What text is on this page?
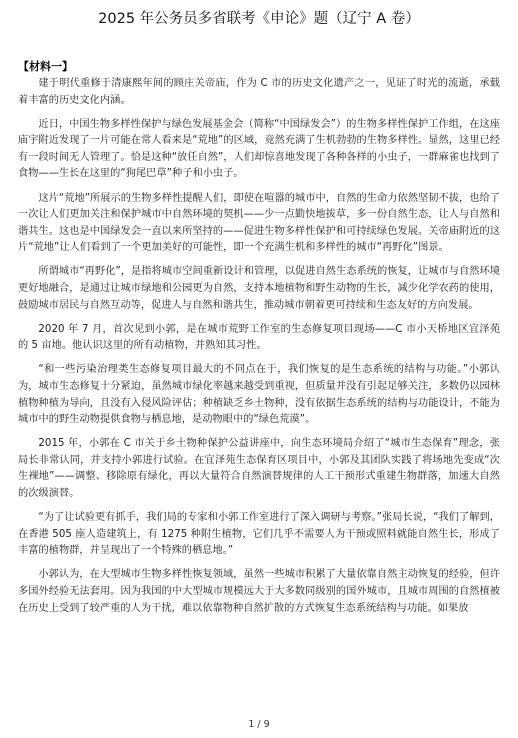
2025 年公务员多省联考《申论》题（辽宁 A 卷）
【材料一】

建于明代重修于清康熙年间的顾庄关帝庙，作为 C 市的历史文化遗产之一，见证了时光的流逝，承载着丰富的历史文化内涵。

近日，中国生物多样性保护与绿色发展基金会（简称“中国绿发会”）的生物多样性保护工作组，在这座庙宇附近发现了一片可能在常人看来是“荒地”的区域，竟然充满了生机勃勃的生物多样性。显然，这里已经有一段时间无人管理了。恰是这种“放任自然”，人们却惊喜地发现了各种各样的小虫子，一群麻雀也找到了食物——生长在这里的“狗尾巴草”种子和小虫子。

这片“荒地”所展示的生物多样性提醒人们，即使在喧嚣的城市中，自然的生命力依然坚韧不拔，也给了一次让人们更加关注和保护城市中自然环境的契机——少一点勤快地拔草，多一份自然生态，让人与自然和谐共生。这也是中国绿发会一直以来所坚持的——促进生物多样性保护和可持续绿色发展。关帝庙附近的这片“荒地”让人们看到了一个更加美好的可能性，即一个充满生机和多样性的城市“再野化”图景。

所谓城市“再野化”，是指将城市空间重新设计和管理，以促进自然生态系统的恢复，让城市与自然环境更好地融合，是通过让城市绿地和公园更为自然，支持本地植物和野生动物的生长，减少化学农药的使用，鼓励城市居民与自然互动等，促进人与自然和谐共生，推动城市朝着更可持续和生态友好的方向发展。

2020 年 7 月，首次见到小郭，是在城市荒野工作室的生态修复项目现场——C 市小天桥地区宜泽苑的 5 亩地。他认识这里的所有动植物，并熟知其习性。

“和一些污染治理类生态修复项目最大的不同点在于，我们恢复的是生态系统的结构与功能。”小郭认为，城市生态修复十分紧迫，虽然城市绿化率越来越受到重视，但质量并没有引起足够关注，多数仍以园林植物种植为导向，且没有入侵风险评估；种植缺乏乡土物种，没有依据生态系统的结构与功能设计，不能为城市中的野生动物提供食物与栖息地，是动物眼中的“绿色荒漠”。

2015 年，小郭在 C 市关于乡土物种保护公益讲座中，向生态环境局介绍了“城市生态保育”理念，张局长非常认同，并支持小郭进行试验。在宜泽苑生态保育区项目中，小郭及其团队实践了将场地先变成“次生裸地”——调整、移除原有绿化，再以大量符合自然演替规律的人工干预形式重建生物群落，加速大自然的次级演替。

“为了让试验更有抓手，我们局的专家和小郭工作室进行了深入调研与考察。”张局长说，“我们了解到，在香港 505 座人造建筑上，有 1275 种附生植物，它们几乎不需要人为干预或照料就能自然生长，形成了丰富的植物群，并呈现出了一个特殊的栖息地。”

小郭认为，在大型城市生物多样性恢复领域，虽然一些城市积累了大量依靠自然主动恢复的经验，但许多国外经验无法套用。因为我国的中大型城市规模远大于大多数同级别的国外城市，且城市周围的自然植被在历史上受到了较严重的人为干扰，难以依靠物种自然扩散的方式恢复生态系统结构与功能。如果放

1 / 9
